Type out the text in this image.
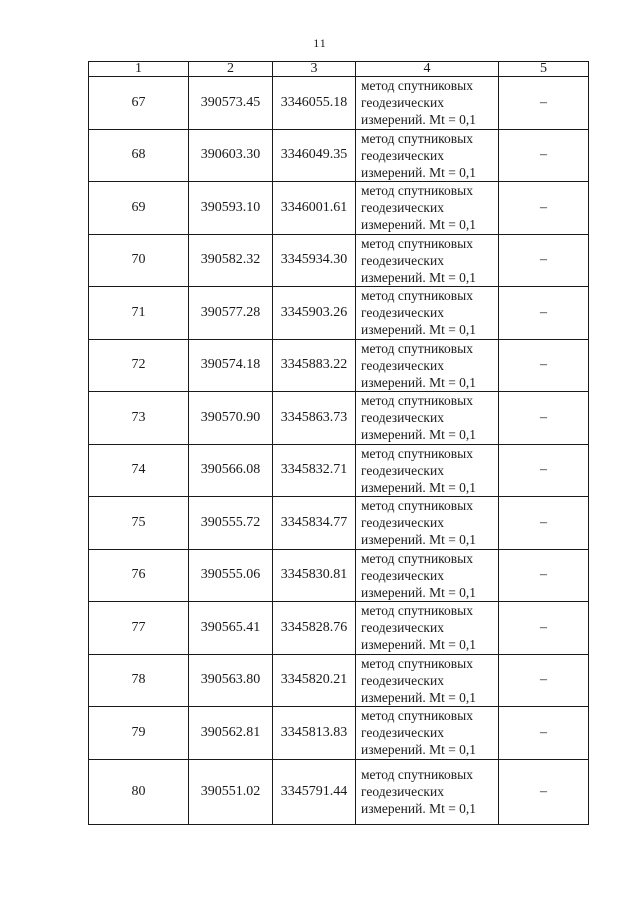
11
1	2	3	4	5
67	390573.45	3346055.18	метод спутниковых
геодезических
измерений. Mt = 0,1	–
68	390603.30	3346049.35	метод спутниковых
геодезических
измерений. Mt = 0,1	–
69	390593.10	3346001.61	метод спутниковых
геодезических
измерений. Mt = 0,1	–
70	390582.32	3345934.30	метод спутниковых
геодезических
измерений. Mt = 0,1	–
71	390577.28	3345903.26	метод спутниковых
геодезических
измерений. Mt = 0,1	–
72	390574.18	3345883.22	метод спутниковых
геодезических
измерений. Mt = 0,1	–
73	390570.90	3345863.73	метод спутниковых
геодезических
измерений. Mt = 0,1	–
74	390566.08	3345832.71	метод спутниковых
геодезических
измерений. Mt = 0,1	–
75	390555.72	3345834.77	метод спутниковых
геодезических
измерений. Mt = 0,1	–
76	390555.06	3345830.81	метод спутниковых
геодезических
измерений. Mt = 0,1	–
77	390565.41	3345828.76	метод спутниковых
геодезических
измерений. Mt = 0,1	–
78	390563.80	3345820.21	метод спутниковых
геодезических
измерений. Mt = 0,1	–
79	390562.81	3345813.83	метод спутниковых
геодезических
измерений. Mt = 0,1	–
80	390551.02	3345791.44	метод спутниковых
геодезических
измерений. Mt = 0,1	–
